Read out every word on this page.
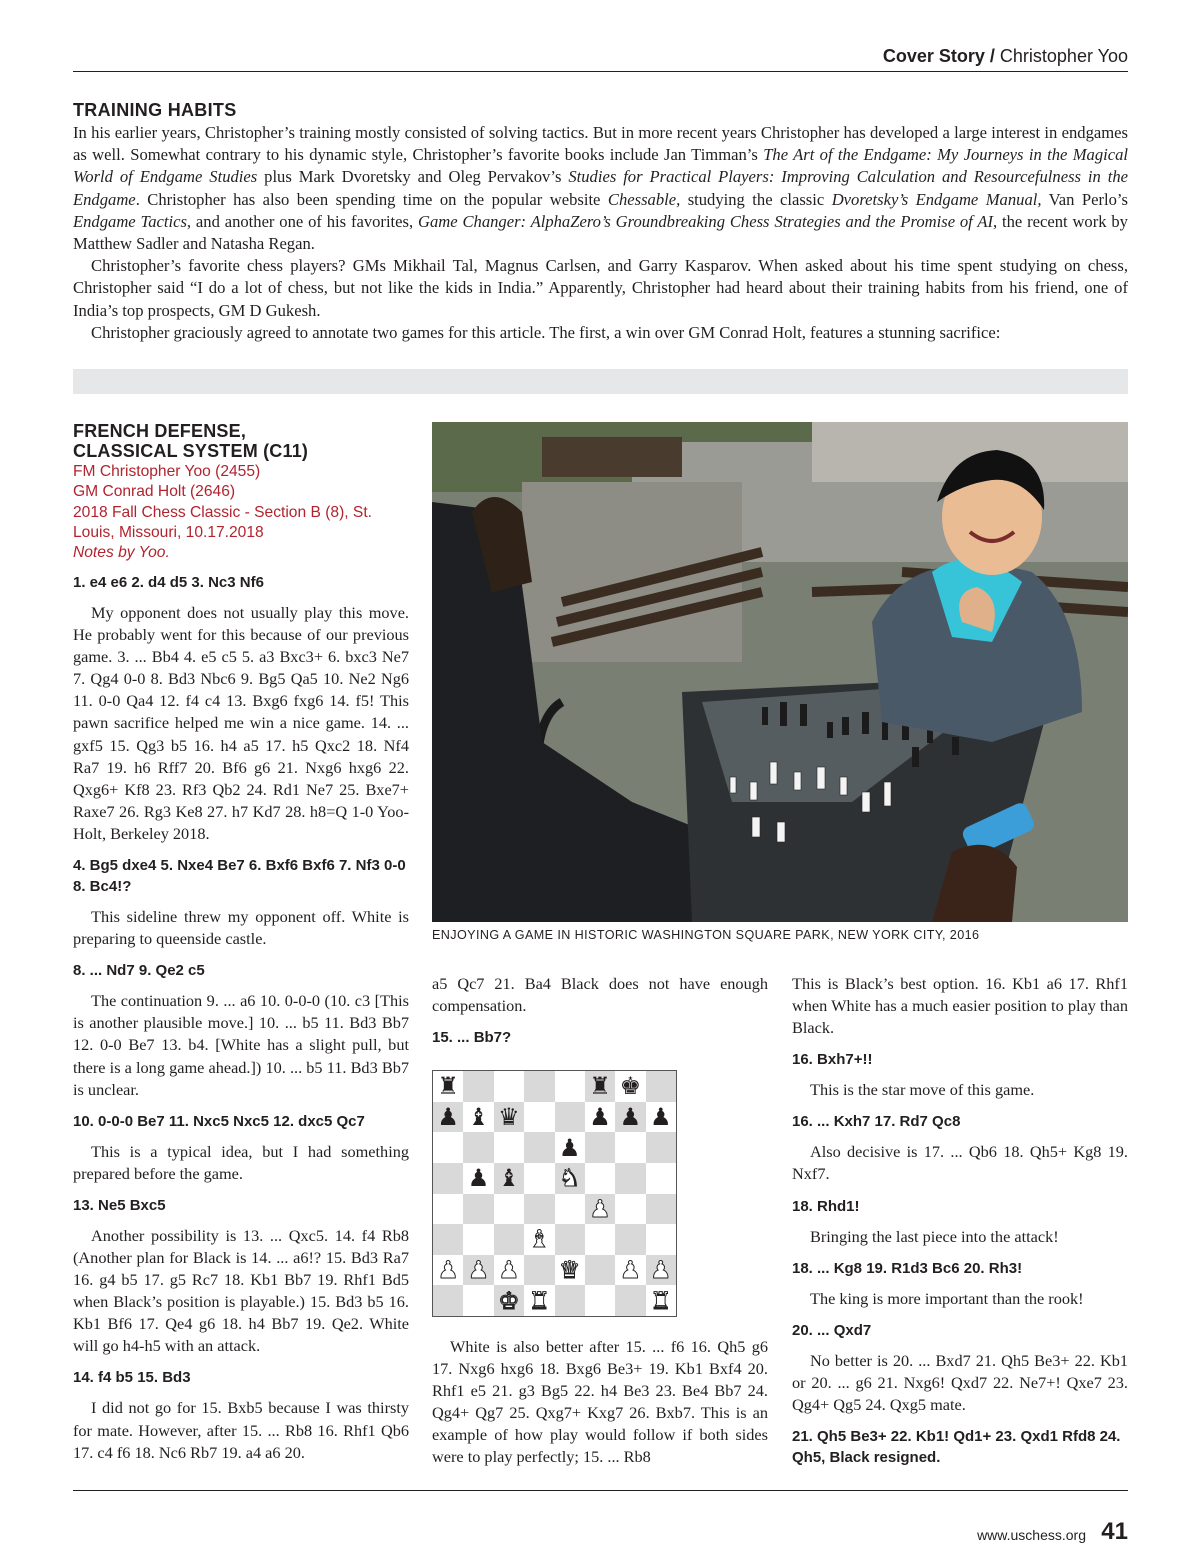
Cover Story / Christopher Yoo
TRAINING HABITS

In his earlier years, Christopher’s training mostly consisted of solving tactics. But in more recent years Christopher has developed a large interest in endgames as well. Somewhat contrary to his dynamic style, Christopher’s favorite books include Jan Timman’s The Art of the Endgame: My Journeys in the Magical World of Endgame Studies plus Mark Dvoretsky and Oleg Pervakov’s Studies for Practical Players: Improving Calculation and Resourcefulness in the Endgame. Christopher has also been spending time on the popular website Chessable, studying the classic Dvoretsky’s Endgame Manual, Van Perlo’s Endgame Tactics, and another one of his favorites, Game Changer: AlphaZero’s Groundbreaking Chess Strategies and the Promise of AI, the recent work by Matthew Sadler and Natasha Regan.

Christopher’s favorite chess players? GMs Mikhail Tal, Magnus Carlsen, and Garry Kasparov. When asked about his time spent studying on chess, Christopher said “I do a lot of chess, but not like the kids in India.” Apparently, Christopher had heard about their training habits from his friend, one of India’s top prospects, GM D Gukesh.

Christopher graciously agreed to annotate two games for this article. The first, a win over GM Conrad Holt, features a stunning sacrifice:

FRENCH DEFENSE,
CLASSICAL SYSTEM (C11)
FM Christopher Yoo (2455)
GM Conrad Holt (2646)
2018 Fall Chess Classic - Section B (8), St. Louis, Missouri, 10.17.2018
Notes by Yoo.
1. e4 e6 2. d4 d5 3. Nc3 Nf6
My opponent does not usually play this move. He probably went for this because of our previous game. 3. ... Bb4 4. e5 c5 5. a3 Bxc3+ 6. bxc3 Ne7 7. Qg4 0-0 8. Bd3 Nbc6 9. Bg5 Qa5 10. Ne2 Ng6 11. 0-0 Qa4 12. f4 c4 13. Bxg6 fxg6 14. f5! This pawn sacrifice helped me win a nice game. 14. ... gxf5 15. Qg3 b5 16. h4 a5 17. h5 Qxc2 18. Nf4 Ra7 19. h6 Rff7 20. Bf6 g6 21. Nxg6 hxg6 22. Qxg6+ Kf8 23. Rf3 Qb2 24. Rd1 Ne7 25. Bxe7+ Raxe7 26. Rg3 Ke8 27. h7 Kd7 28. h8=Q 1-0 Yoo-Holt, Berkeley 2018.
4. Bg5 dxe4 5. Nxe4 Be7 6. Bxf6 Bxf6 7. Nf3 0-0 8. Bc4!?
This sideline threw my opponent off. White is preparing to queenside castle.
8. ... Nd7 9. Qe2 c5
The continuation 9. ... a6 10. 0-0-0 (10. c3 [This is another plausible move.] 10. ... b5 11. Bd3 Bb7 12. 0-0 Be7 13. b4. [White has a slight pull, but there is a long game ahead.]) 10. ... b5 11. Bd3 Bb7 is unclear.
10. 0-0-0 Be7 11. Nxc5 Nxc5 12. dxc5 Qc7
This is a typical idea, but I had something prepared before the game.
13. Ne5 Bxc5
Another possibility is 13. ... Qxc5. 14. f4 Rb8 (Another plan for Black is 14. ... a6!? 15. Bd3 Ra7 16. g4 b5 17. g5 Rc7 18. Kb1 Bb7 19. Rhf1 Bd5 when Black’s position is playable.) 15. Bd3 b5 16. Kb1 Bf6 17. Qe4 g6 18. h4 Bb7 19. Qe2. White will go h4-h5 with an attack.
14. f4 b5 15. Bd3
I did not go for 15. Bxb5 because I was thirsty for mate. However, after 15. ... Rb8 16. Rhf1 Qb6 17. c4 f6 18. Nc6 Rb7 19. a4 a6 20.
a5 Qc7 21. Ba4 Black does not have enough compensation.
15. ... Bb7?
White is also better after 15. ... f6 16. Qh5 g6 17. Nxg6 hxg6 18. Bxg6 Be3+ 19. Kb1 Bxf4 20. Rhf1 e5 21. g3 Bg5 22. h4 Be3 23. Be4 Bb7 24. Qg4+ Qg7 25. Qxg7+ Kxg7 26. Bxb7. This is an example of how play would follow if both sides were to play perfectly; 15. ... Rb8
This is Black’s best option. 16. Kb1 a6 17. Rhf1 when White has a much easier position to play than Black.
16. Bxh7+!!
This is the star move of this game.
16. ... Kxh7 17. Rd7 Qc8
Also decisive is 17. ... Qb6 18. Qh5+ Kg8 19. Nxf7.
18. Rhd1!
Bringing the last piece into the attack!
18. ... Kg8 19. R1d3 Bc6 20. Rh3!
The king is more important than the rook!
20. ... Qxd7
No better is 20. ... Bxd7 21. Qh5 Be3+ 22. Kb1 or 20. ... g6 21. Nxg6! Qxd7 22. Ne7+! Qxe7 23. Qg4+ Qg5 24. Qxg5 mate.
21. Qh5 Be3+ 22. Kb1! Qd1+ 23. Qxd1 Rfd8 24. Qh5, Black resigned.
ENJOYING A GAME IN HISTORIC WASHINGTON SQUARE PARK, NEW YORK CITY, 2016
♜	♜ ♚
♟ ♝ ♛	♟ ♟ ♟
♟
♟ ♝ ♞
♟
♝
♟ ♟ ♟ ♛ ♟ ♟
♚ ♜	♜
www.uschess.org 41
